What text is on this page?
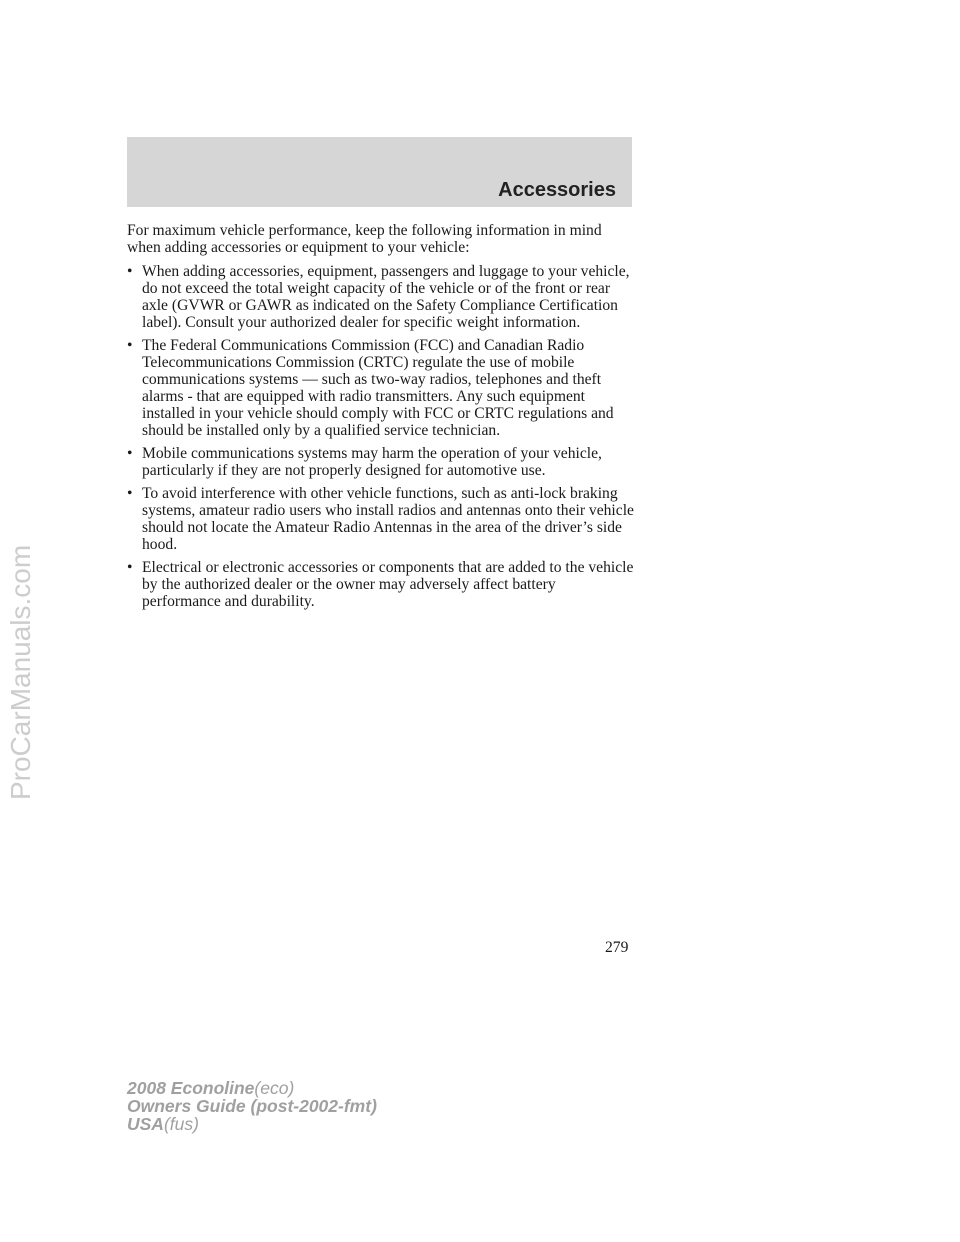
ProCarManuals.com
Accessories

For maximum vehicle performance, keep the following information in mind when adding accessories or equipment to your vehicle:

• When adding accessories, equipment, passengers and luggage to your vehicle, do not exceed the total weight capacity of the vehicle or of the front or rear axle (GVWR or GAWR as indicated on the Safety Compliance Certification label). Consult your authorized dealer for specific weight information.
• The Federal Communications Commission (FCC) and Canadian Radio Telecommunications Commission (CRTC) regulate the use of mobile communications systems — such as two-way radios, telephones and theft alarms - that are equipped with radio transmitters. Any such equipment installed in your vehicle should comply with FCC or CRTC regulations and should be installed only by a qualified service technician.
• Mobile communications systems may harm the operation of your vehicle, particularly if they are not properly designed for automotive use.
• To avoid interference with other vehicle functions, such as anti-lock braking systems, amateur radio users who install radios and antennas onto their vehicle should not locate the Amateur Radio Antennas in the area of the driver’s side hood.
• Electrical or electronic accessories or components that are added to the vehicle by the authorized dealer or the owner may adversely affect battery performance and durability.
279
2008 Econoline(eco)
Owners Guide (post-2002-fmt)
USA(fus)
